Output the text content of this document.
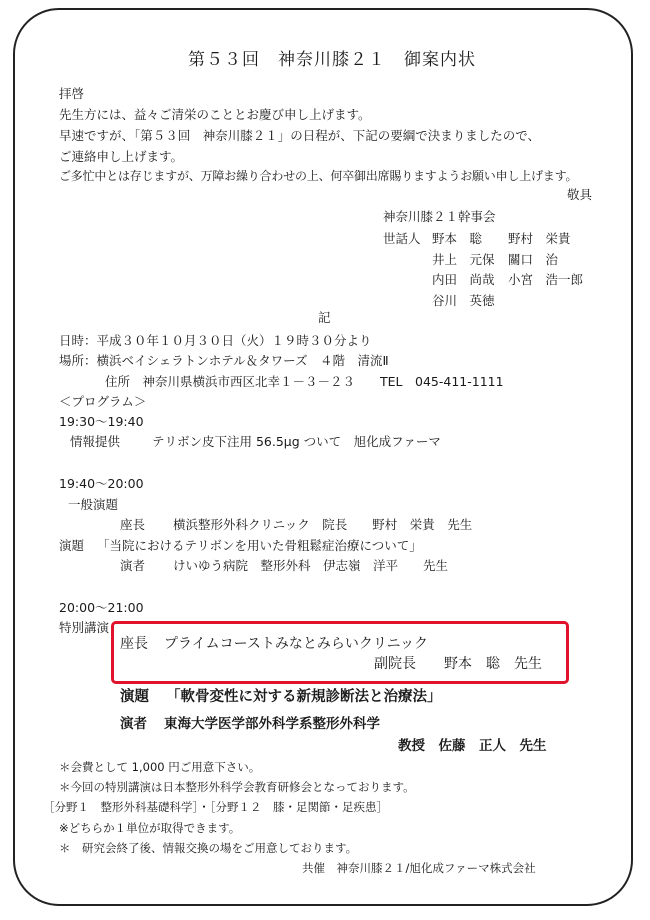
第５３回　神奈川膝２１　御案内状
拝啓
先生方には、益々ご清栄のこととお慶び申し上げます。
早速ですが、「第５３回　神奈川膝２１」の日程が、下記の要綱で決まりましたので、
ご連絡申し上げます。
ご多忙中とは存じますが、万障お繰り合わせの上、何卒御出席賜りますようお願い申し上げます。
敬具
神奈川膝２１幹事会
世話人 野本　聡 野村　栄貴
井上　元保 關口　治
内田　尚哉 小宮　浩一郎
谷川　英徳
記
日時：平成３０年１０月３０日（火）１９時３０分より
場所：横浜ベイシェラトンホテル＆タワーズ　４階　清流Ⅱ
住所　神奈川県横浜市西区北幸１－３－２３　　TEL　045-411-1111
＜プログラム＞
19:30～19:40
情報提供	テリボン皮下注用 56.5μg ついて　旭化成ファーマ
19:40～20:00
一般演題
座長 横浜整形外科クリニック　院長　　野村　栄貴　先生
演題 「当院におけるテリボンを用いた骨粗鬆症治療について」
演者 けいゆう病院　整形外科　伊志嶺　洋平　　先生
20:00～21:00
特別講演
座長 プライムコーストみなとみらいクリニック
副院長　　野本　聡　先生
演題 「軟骨変性に対する新規診断法と治療法」
演者 東海大学医学部外科学系整形外科学
教授　佐藤　正人　先生
＊会費として 1,000 円ご用意下さい。
＊今回の特別講演は日本整形外科学会教育研修会となっております。
［分野１　整形外科基礎科学］・［分野１２　膝・足関節・足疾患］
※どちらか１単位が取得できます。
＊　研究会終了後、情報交換の場をご用意しております。
共催　神奈川膝２１/旭化成ファーマ株式会社
